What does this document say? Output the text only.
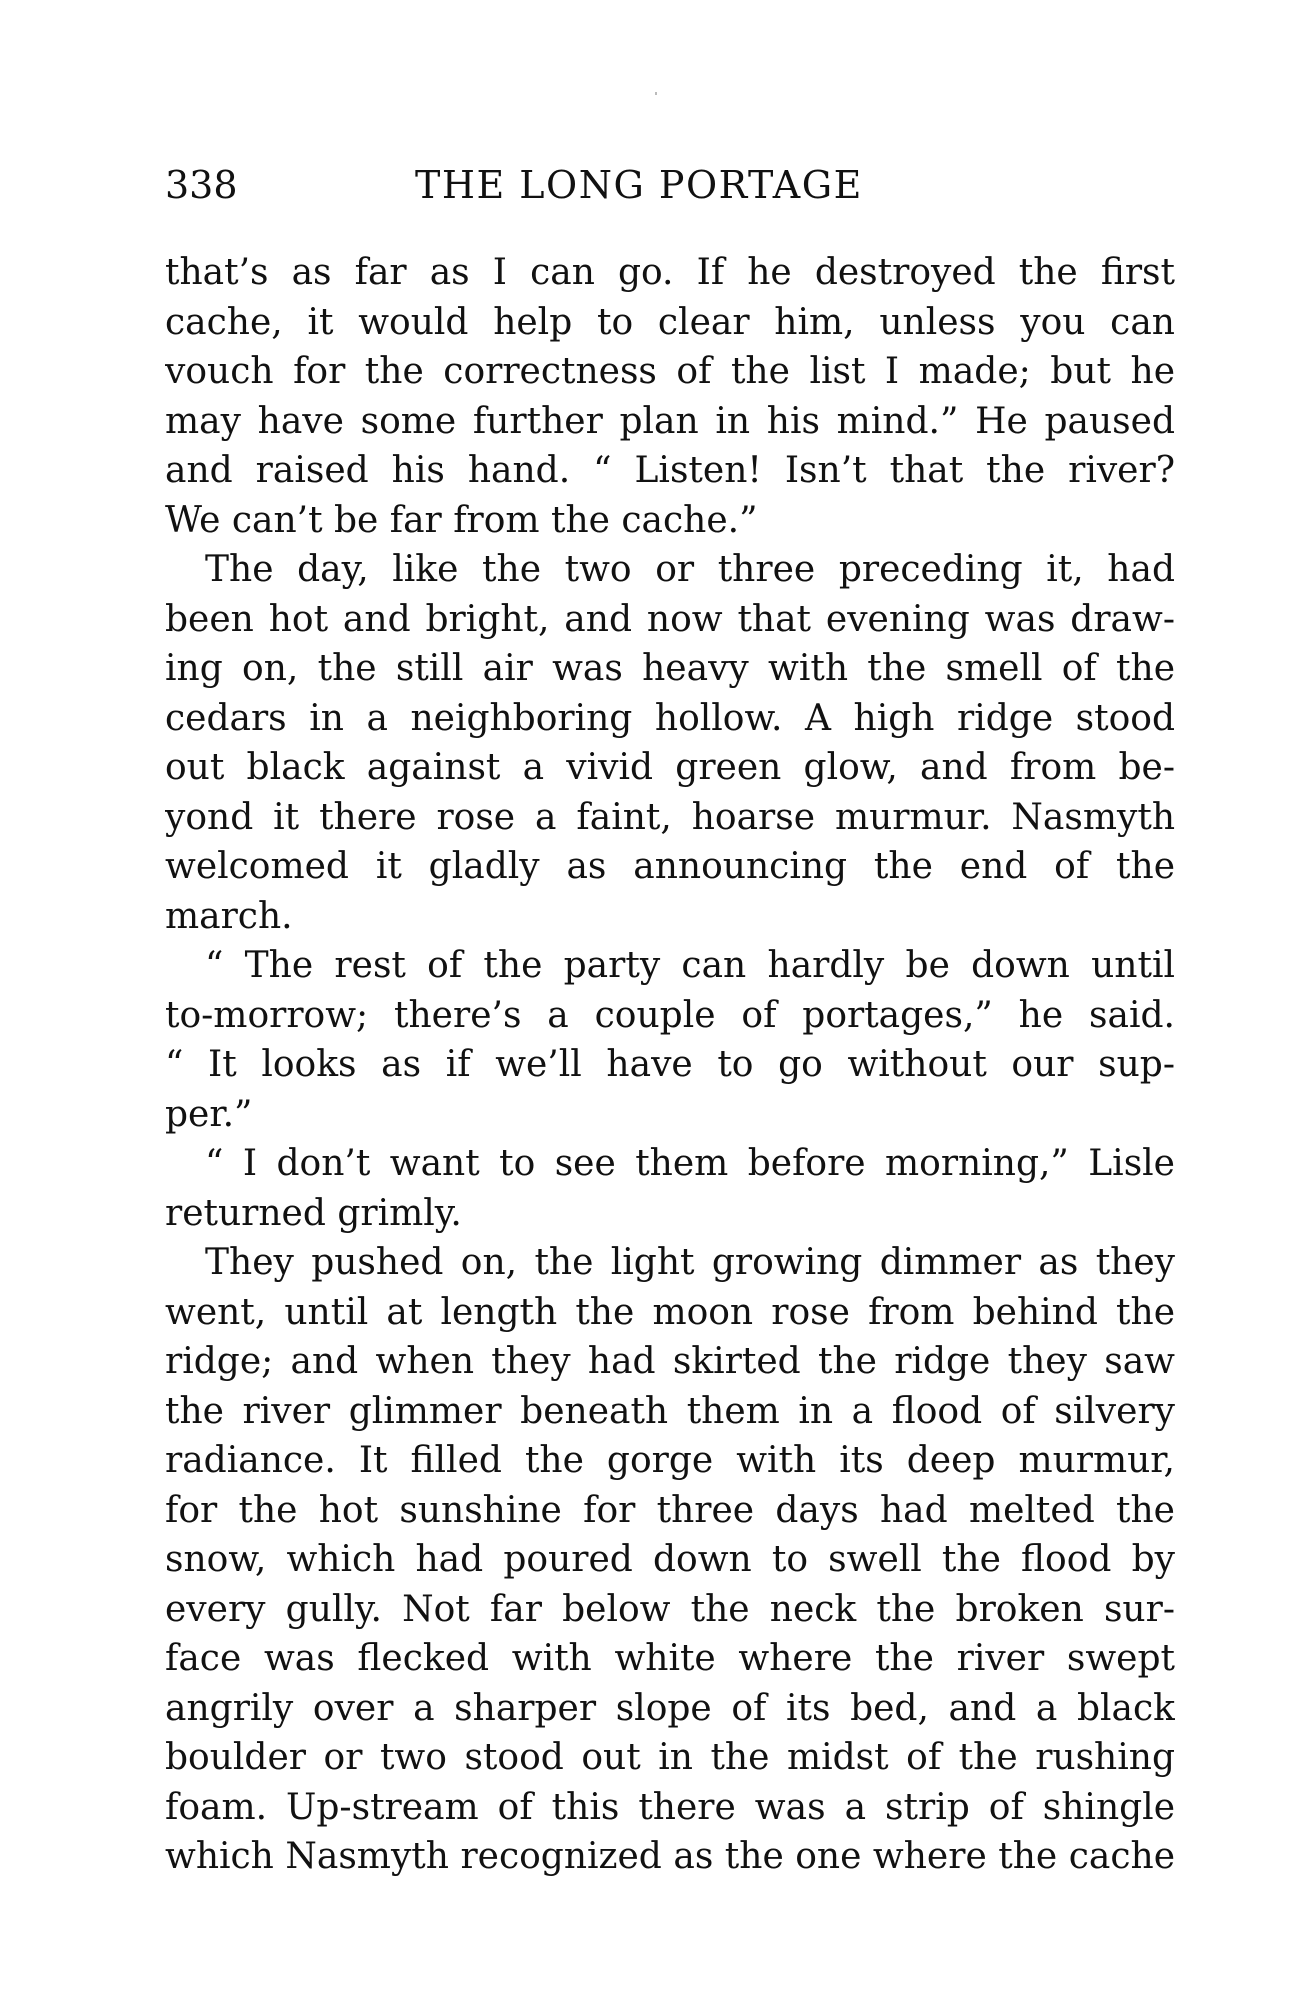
338	THE LONG PORTAGE
that’s as far as I can go. If he destroyed the first
cache, it would help to clear him, unless you can
vouch for the correctness of the list I made; but he
may have some further plan in his mind.” He paused
and raised his hand. “ Listen! Isn’t that the river?
We can’t be far from the cache.”
The day, like the two or three preceding it, had
been hot and bright, and now that evening was draw-
ing on, the still air was heavy with the smell of the
cedars in a neighboring hollow. A high ridge stood
out black against a vivid green glow, and from be-
yond it there rose a faint, hoarse murmur. Nasmyth
welcomed it gladly as announcing the end of the
march.
“ The rest of the party can hardly be down until
to-morrow; there’s a couple of portages,” he said.
“ It looks as if we’ll have to go without our sup-
per.”
“ I don’t want to see them before morning,” Lisle
returned grimly.
They pushed on, the light growing dimmer as they
went, until at length the moon rose from behind the
ridge; and when they had skirted the ridge they saw
the river glimmer beneath them in a flood of silvery
radiance. It filled the gorge with its deep murmur,
for the hot sunshine for three days had melted the
snow, which had poured down to swell the flood by
every gully. Not far below the neck the broken sur-
face was flecked with white where the river swept
angrily over a sharper slope of its bed, and a black
boulder or two stood out in the midst of the rushing
foam. Up-stream of this there was a strip of shingle
which Nasmyth recognized as the one where the cache
